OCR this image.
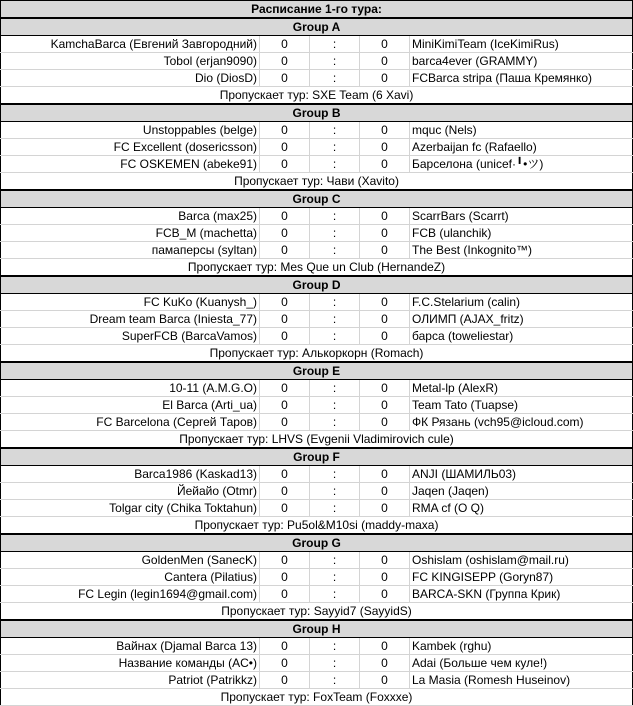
Расписание 1-го тура:				
Group A				
KamchaBarca (Евгений Завгородний)	0	:	0	MiniKimiTeam (IceKimiRus)
Tobol (erjan9090)	0	:	0	barca4ever (GRAMMY)
Dio (DiosD)	0	:	0	FCBarca stripa (Паша Кремянко)
Пропускает тур: SXE Team (6 Xavi)				
Group B				
Unstoppables (belge)	0	:	0	mquc (Nels)
FC Excellent (dosericsson)	0	:	0	Azerbaijan fc (Rafaello)
FC OSKEMEN (abeke91)	0	:	0	Барселона (unicef·╹•ツ)
Пропускает тур: Чави (Xavito)				
Group C				
Barca (max25)	0	:	0	ScarrBars (Scarrt)
FCB_M (machetta)	0	:	0	FCB (ulanchik)
памаперсы (syltan)	0	:	0	The Best (Inkognito™)
Пропускает тур: Mes Que un Club (HernandeZ)				
Group D				
FC KuKo (Kuanysh_)	0	:	0	F.C.Stelarium (calin)
Dream team Barca (Iniesta_77)	0	:	0	ОЛИМП (AJAX_fritz)
SuperFCB (BarcaVamos)	0	:	0	барса (toweliestar)
Пропускает тур: Алькоркорн (Romach)				
Group E				
10-11 (A.M.G.O)	0	:	0	Metal-lp (AlexR)
El Barca (Arti_ua)	0	:	0	Team Tato (Tuapse)
FC Barcelona (Сергей Таров)	0	:	0	ФК Рязань (vch95@icloud.com)
Пропускает тур: LHVS (Evgenii Vladimirovich cule)				
Group F				
Barca1986 (Kaskad13)	0	:	0	ANJI (ШАМИЛЬ03)
Йейайо (Otmr)	0	:	0	Jaqen (Jaqen)
Tolgar city (Chika Toktahun)	0	:	0	RMA cf (O Q)
Пропускает тур: Pu5ol&M10si (maddy-maxa)				
Group G				
GoldenMen (SanecK)	0	:	0	Oshislam (oshislam@mail.ru)
Cantera (Pilatius)	0	:	0	FC KINGISEPP (Goryn87)
FC Legin (legin1694@gmail.com)	0	:	0	BARCA-SKN (Группа Крик)
Пропускает тур: Sayyid7 (SayyidS)				
Group H				
Вайнах (Djamal Barca 13)	0	:	0	Kambek (rghu)
Название команды (AC•)	0	:	0	Adai (Больше чем куле!)
Patriot (Patrikkz)	0	:	0	La Masia (Romesh Huseinov)
Пропускает тур: FoxTeam (Foxxxe)				
